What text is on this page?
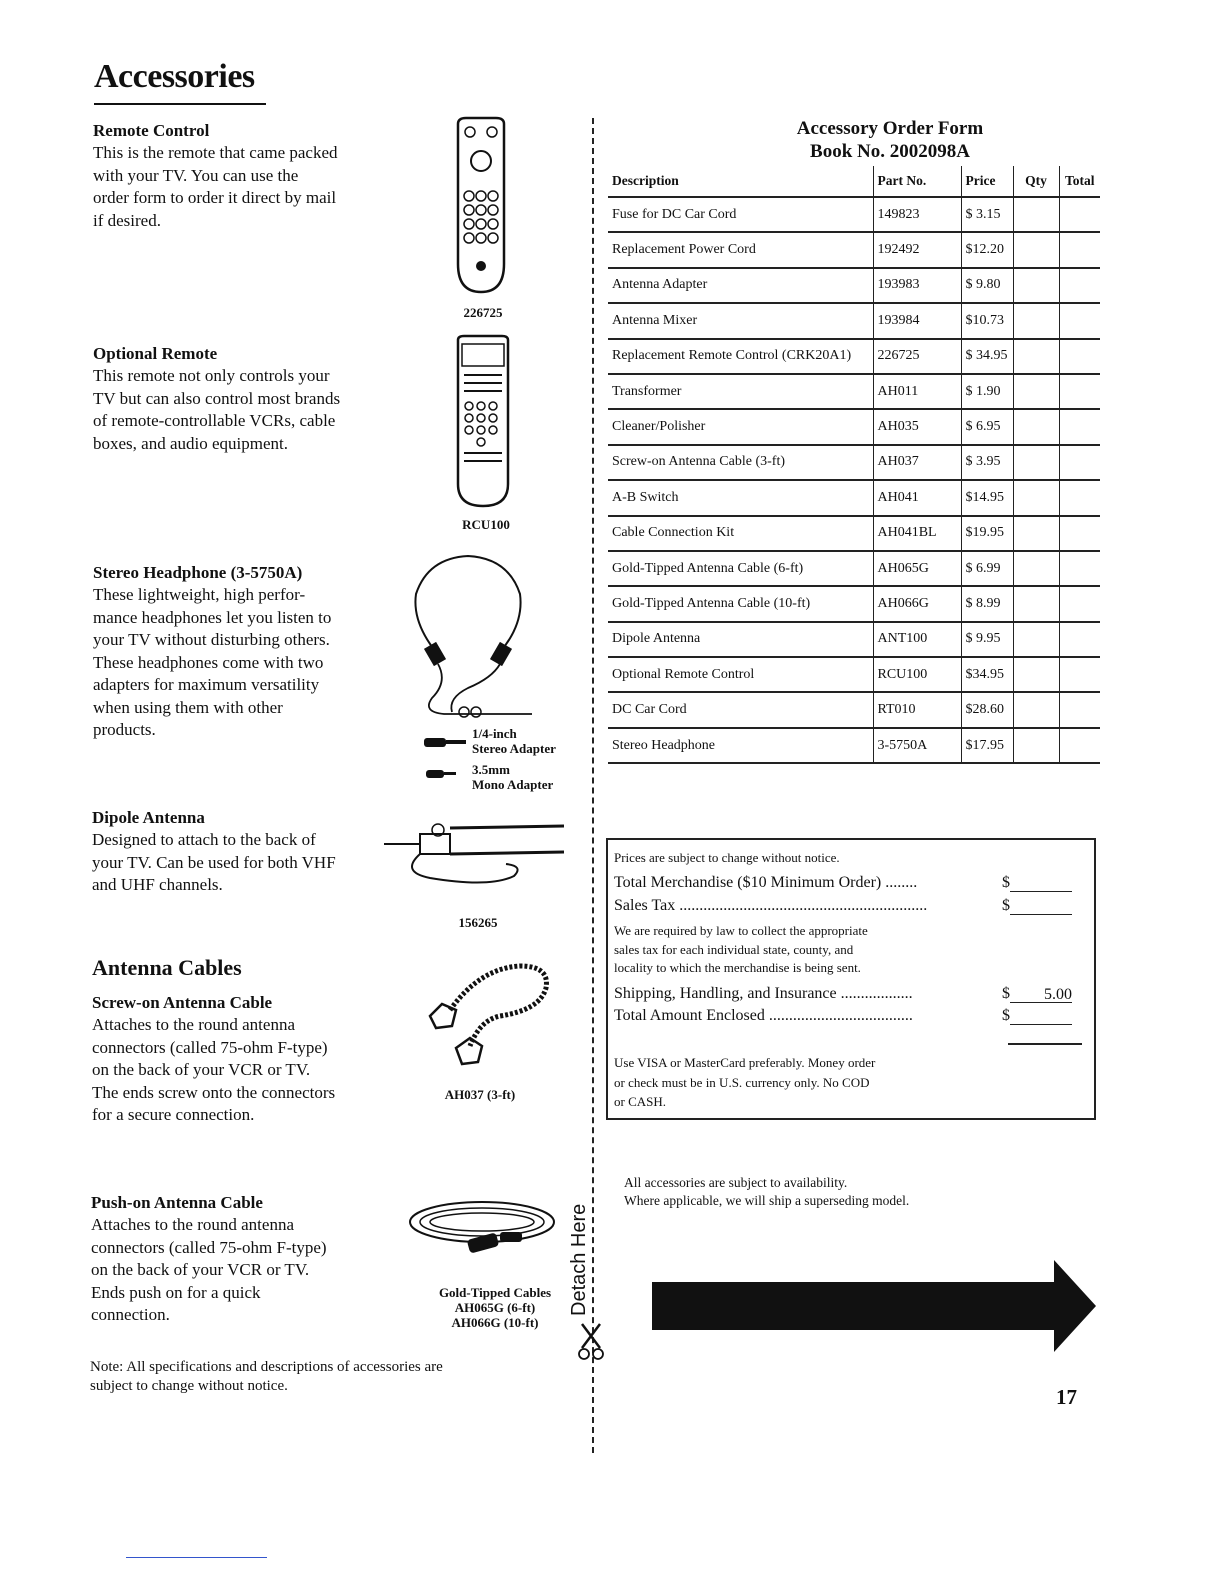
Accessories
Remote Control
This is the remote that came packed
with your TV. You can use the
order form to order it direct by mail
if desired.
226725
Optional Remote
This remote not only controls your
TV but can also control most brands
of remote-controllable VCRs, cable
boxes, and audio equipment.
RCU100
Stereo Headphone (3-5750A)
These lightweight, high perfor-
mance headphones let you listen to
your TV without disturbing others.
These headphones come with two
adapters for maximum versatility
when using them with other
products.	1/4-inch
Stereo Adapter
3.5mm
Mono Adapter
Dipole Antenna
Designed to attach to the back of
your TV. Can be used for both VHF
and UHF channels.
156265
Antenna Cables
Screw-on Antenna Cable
Attaches to the round antenna
connectors (called 75-ohm F-type)
on the back of your VCR or TV.
The ends screw onto the connectors
for a secure connection.
AH037 (3-ft)
Push-on Antenna Cable
Attaches to the round antenna
connectors (called 75-ohm F-type)
on the back of your VCR or TV.
Ends push on for a quick
connection.
Gold-Tipped Cables
AH065G (6-ft)
AH066G (10-ft)
Note: All specifications and descriptions of accessories are
subject to change without notice.
Detach Here
Accessory Order Form
Book No. 2002098A
Description	Part No.	Price	Qty	Total
Fuse for DC Car Cord	149823	$ 3.15		
Replacement Power Cord	192492	$12.20		
Antenna Adapter	193983	$ 9.80		
Antenna Mixer	193984	$10.73		
Replacement Remote Control (CRK20A1)	226725	$ 34.95		
Transformer	AH011	$ 1.90		
Cleaner/Polisher	AH035	$ 6.95		
Screw-on Antenna Cable (3-ft)	AH037	$ 3.95		
A-B Switch	AH041	$14.95		
Cable Connection Kit	AH041BL	$19.95		
Gold-Tipped Antenna Cable (6-ft)	AH065G	$ 6.99		
Gold-Tipped Antenna Cable (10-ft)	AH066G	$ 8.99		
Dipole Antenna	ANT100	$ 9.95		
Optional Remote Control	RCU100	$34.95		
DC Car Cord	RT010	$28.60		
Stereo Headphone	3-5750A	$17.95		
Prices are subject to change without notice.
Total Merchandise ($10 Minimum Order) ........	$
Sales Tax ..............................................................	$
We are required by law to collect the appropriate
sales tax for each individual state, county, and
locality to which the merchandise is being sent.
Shipping, Handling, and Insurance ..................	$ 5.00
Total Amount Enclosed ....................................	$
Use VISA or MasterCard preferably. Money order
or check must be in U.S. currency only. No COD
or CASH.
All accessories are subject to availability.
Where applicable, we will ship a superseding model.
17
